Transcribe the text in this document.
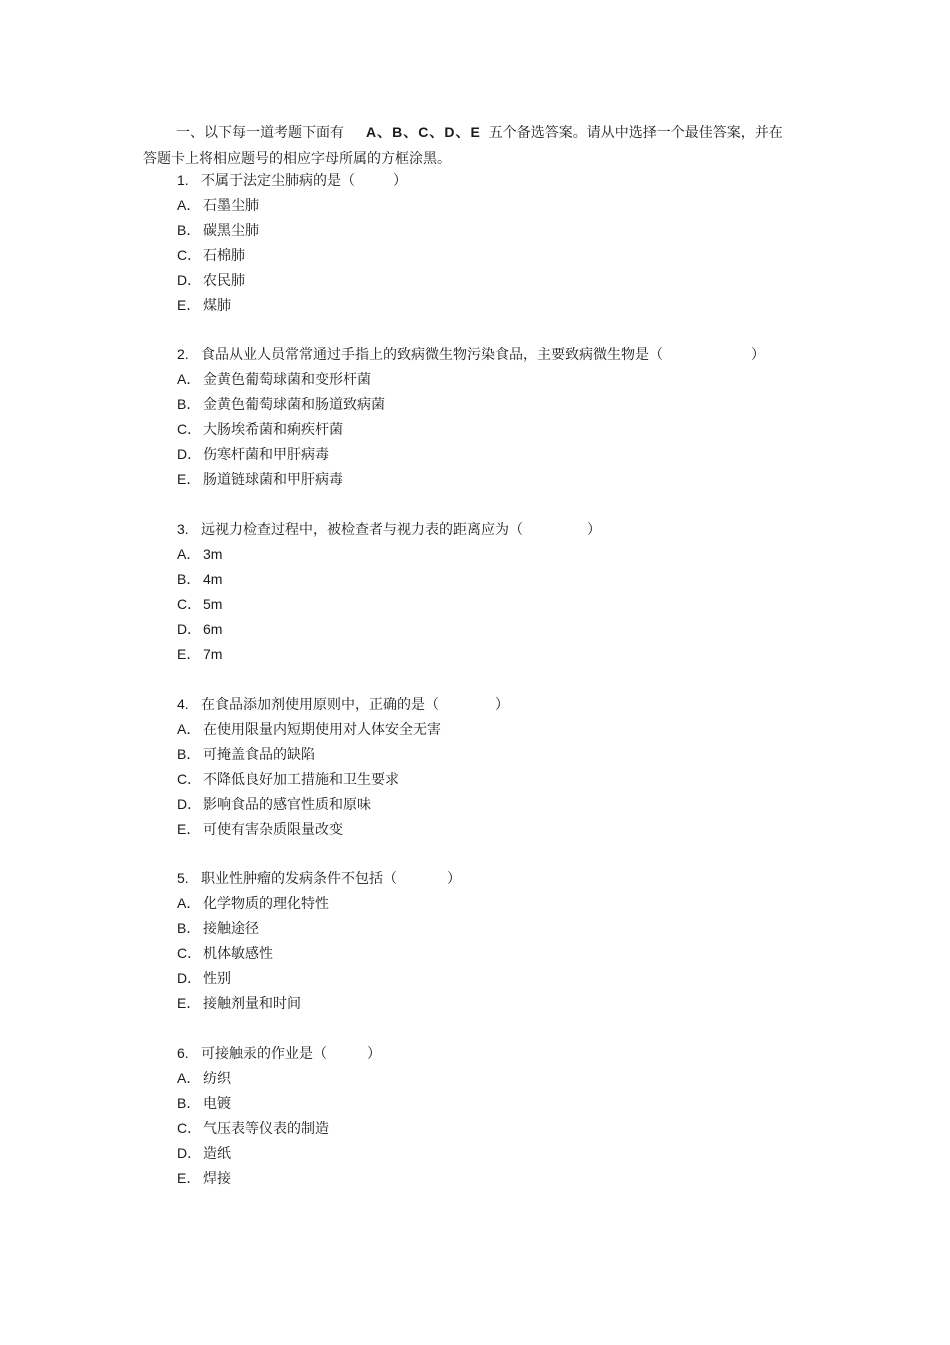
一、以下每一道考题下面有 A、B、C、D、E 五个备选答案。请从中选择一个最佳答案，并在答题卡上将相应题号的相应字母所属的方框涂黑。

1. 不属于法定尘肺病的是（	）
A． 石墨尘肺
B． 碳黑尘肺
C． 石棉肺
D． 农民肺
E． 煤肺
2. 食品从业人员常常通过手指上的致病微生物污染食品，主要致病微生物是（	）
A． 金黄色葡萄球菌和变形杆菌
B． 金黄色葡萄球菌和肠道致病菌
C． 大肠埃希菌和痢疾杆菌
D． 伤寒杆菌和甲肝病毒
E． 肠道链球菌和甲肝病毒
3. 远视力检查过程中，被检查者与视力表的距离应为（	）
A． 3m
B． 4m
C． 5m
D． 6m
E． 7m
4. 在食品添加剂使用原则中，正确的是（	）
A． 在使用限量内短期使用对人体安全无害
B． 可掩盖食品的缺陷
C． 不降低良好加工措施和卫生要求
D． 影响食品的感官性质和原味
E． 可使有害杂质限量改变
5. 职业性肿瘤的发病条件不包括（	）
A． 化学物质的理化特性
B． 接触途径
C． 机体敏感性
D． 性别
E． 接触剂量和时间
6. 可接触汞的作业是（	）
A． 纺织
B． 电镀
C． 气压表等仪表的制造
D． 造纸
E． 焊接
